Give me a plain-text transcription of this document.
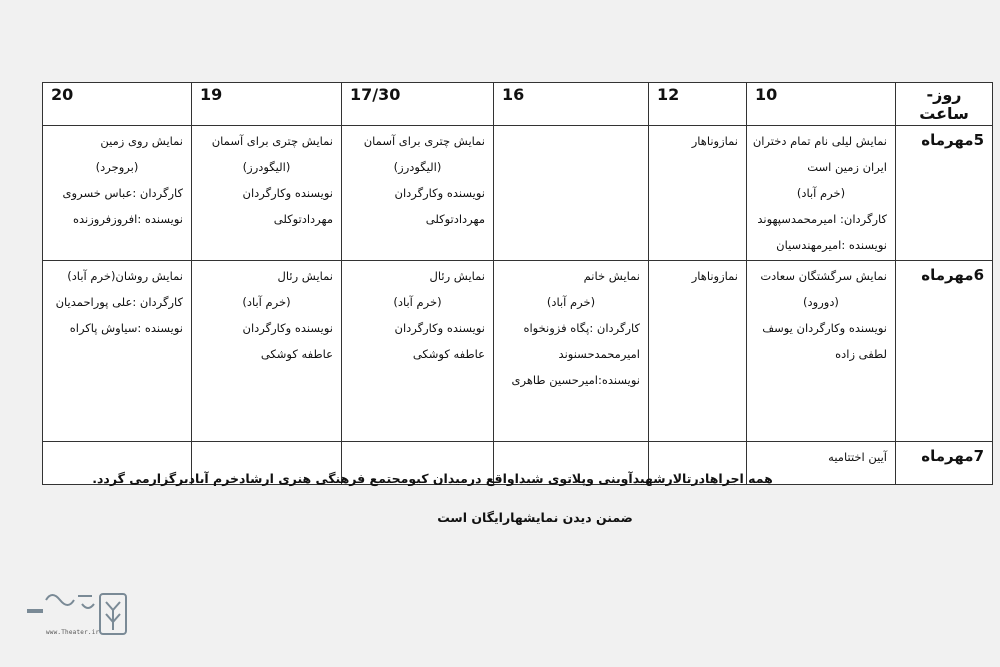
روز- ساعت	10	12	16	17/30	19	20
5مهرماه	نمایش لیلی نام تمام دختران
ایران زمین است
(خرم آباد)
کارگردان: امیرمحمدسپهوند
نویسنده :امیرمهندسیان	نمازوناهار		نمایش چتری برای آسمان
(الیگودرز)
نویسنده وکارگردان
مهردادتوکلی	نمایش چتری برای آسمان
(الیگودرز)
نویسنده وکارگردان
مهردادتوکلی	نمایش روی زمین
(بروجرد)
کارگردان :عباس خسروی
نویسنده :افروزفروزنده

6مهرماه	نمایش سرگشتگان سعادت
(دورود)
نویسنده وکارگردان یوسف
لطفی زاده	نمازوناهار	نمایش خانم
(خرم آباد)
کارگردان :پگاه فزونخواه
امیرمحمدحسنوند
نویسنده:امیرحسین طاهری	نمایش رئال
(خرم آباد)
نویسنده وکارگردان
عاطفه کوشکی	نمایش رئال
(خرم آباد)
نویسنده وکارگردان
عاطفه کوشکی	نمایش روشان(خرم آباد)
کارگردان :علی پوراحمدیان
نویسنده :سیاوش پاکراه

7مهرماه	آیین اختتامیه					

همه اجراهادرتالارشهیدآوینی وپلاتوی شیداواقع درمیدان کیومجتمع فرهنگی هنری ارشادخرم آبادبرگزارمی گردد.
ضمنن دیدن نمایشهارایگان است
www.Theater.ir
